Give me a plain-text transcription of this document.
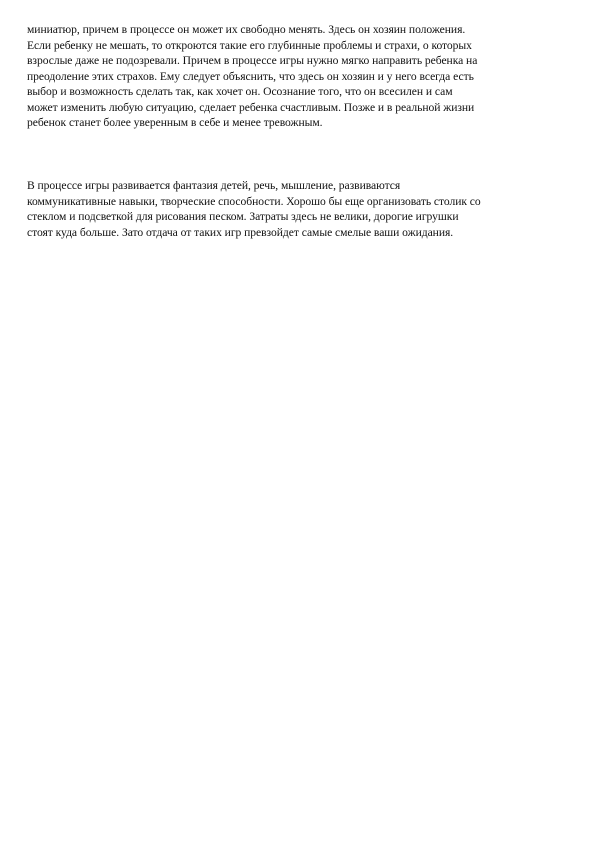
миниатюр, причем в процессе он может их свободно менять. Здесь он хозяин положения.
Если ребенку не мешать, то откроются такие его глубинные проблемы и страхи, о которых
взрослые даже не подозревали. Причем в процессе игры нужно мягко направить ребенка на
преодоление этих страхов. Ему следует объяснить, что здесь он хозяин и у него всегда есть
выбор и возможность сделать так, как хочет он. Осознание того, что он всесилен и сам
может изменить любую ситуацию, сделает ребенка счастливым. Позже и в реальной жизни
ребенок станет более уверенным в себе и менее тревожным.
В процессе игры развивается фантазия детей, речь, мышление, развиваются
коммуникативные навыки, творческие способности. Хорошо бы еще организовать столик со
стеклом и подсветкой для рисования песком. Затраты здесь не велики, дорогие игрушки
стоят куда больше. Зато отдача от таких игр превзойдет самые смелые ваши ожидания.
